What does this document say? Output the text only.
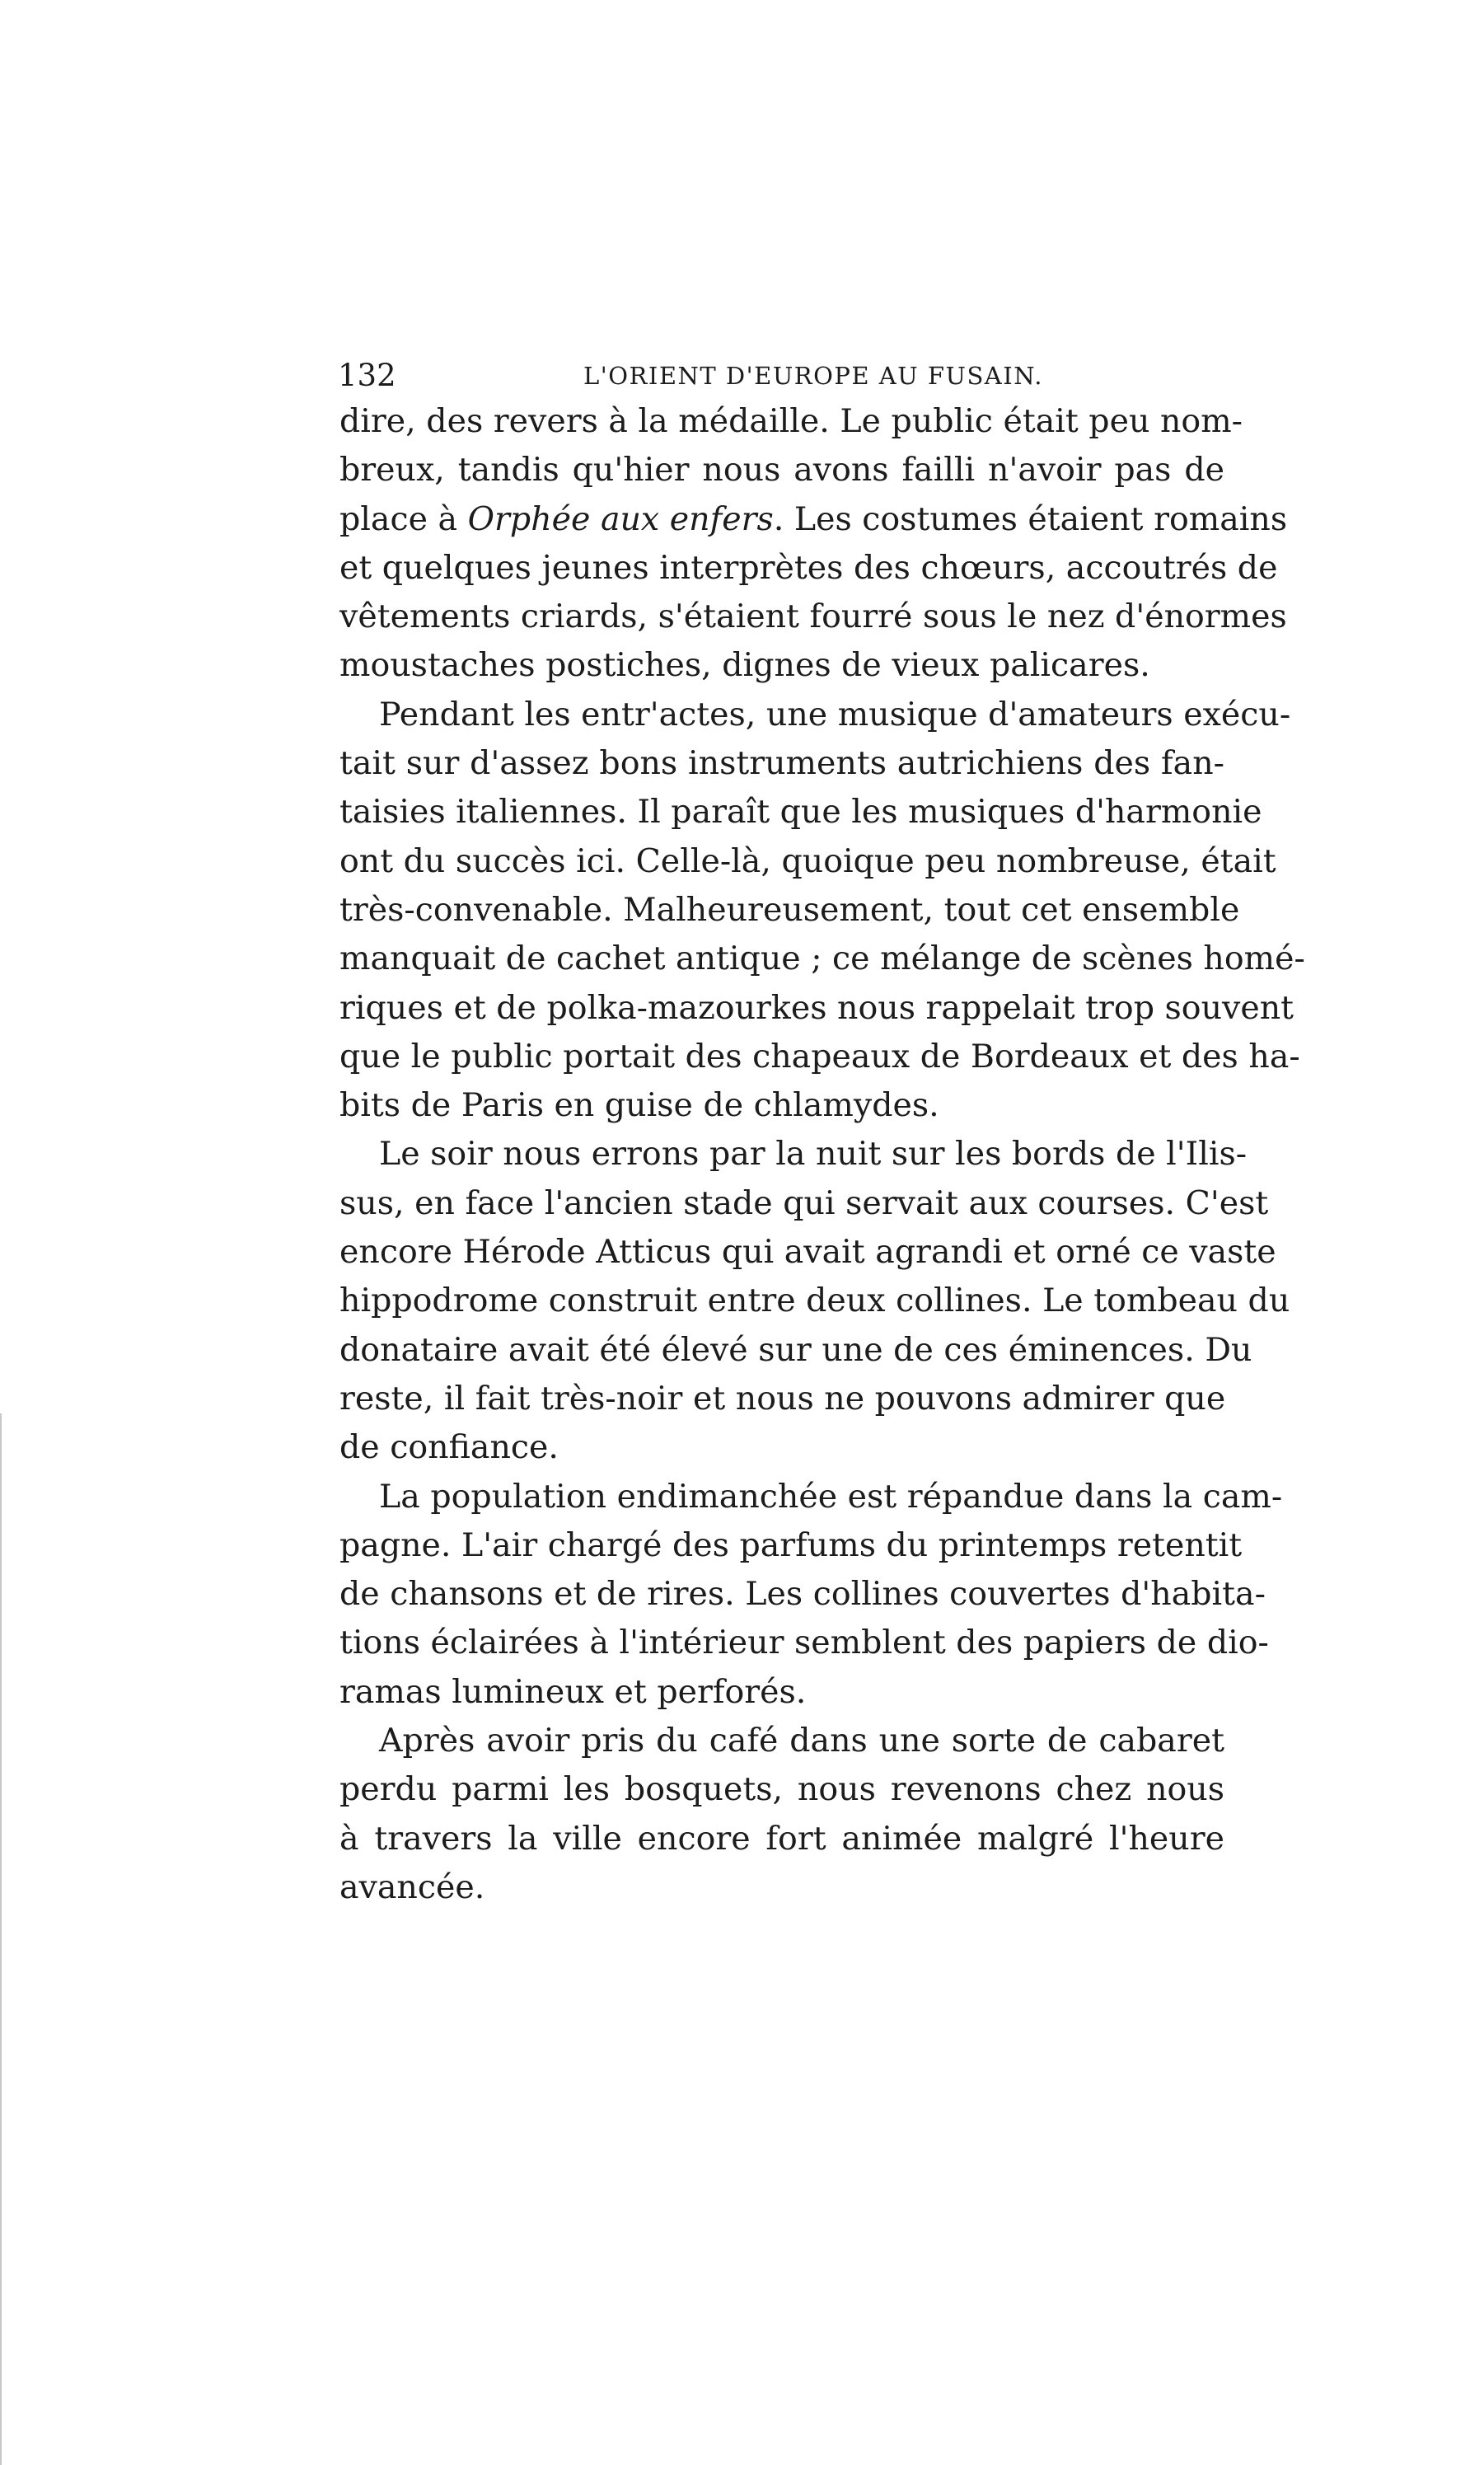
132	L'ORIENT D'EUROPE AU FUSAIN.
dire, des revers à la médaille. Le public était peu nom-
breux, tandis qu'hier nous avons failli n'avoir pas de
place à Orphée aux enfers. Les costumes étaient romains
et quelques jeunes interprètes des chœurs, accoutrés de
vêtements criards, s'étaient fourré sous le nez d'énormes
moustaches postiches, dignes de vieux palicares.
Pendant les entr'actes, une musique d'amateurs exécu-
tait sur d'assez bons instruments autrichiens des fan-
taisies italiennes. Il paraît que les musiques d'harmonie
ont du succès ici. Celle-là, quoique peu nombreuse, était
très-convenable. Malheureusement, tout cet ensemble
manquait de cachet antique ; ce mélange de scènes homé-
riques et de polka-mazourkes nous rappelait trop souvent
que le public portait des chapeaux de Bordeaux et des ha-
bits de Paris en guise de chlamydes.
Le soir nous errons par la nuit sur les bords de l'Ilis-
sus, en face l'ancien stade qui servait aux courses. C'est
encore Hérode Atticus qui avait agrandi et orné ce vaste
hippodrome construit entre deux collines. Le tombeau du
donataire avait été élevé sur une de ces éminences. Du
reste, il fait très-noir et nous ne pouvons admirer que
de confiance.
La population endimanchée est répandue dans la cam-
pagne. L'air chargé des parfums du printemps retentit
de chansons et de rires. Les collines couvertes d'habita-
tions éclairées à l'intérieur semblent des papiers de dio-
ramas lumineux et perforés.
Après avoir pris du café dans une sorte de cabaret
perdu parmi les bosquets, nous revenons chez nous
à travers la ville encore fort animée malgré l'heure
avancée.
